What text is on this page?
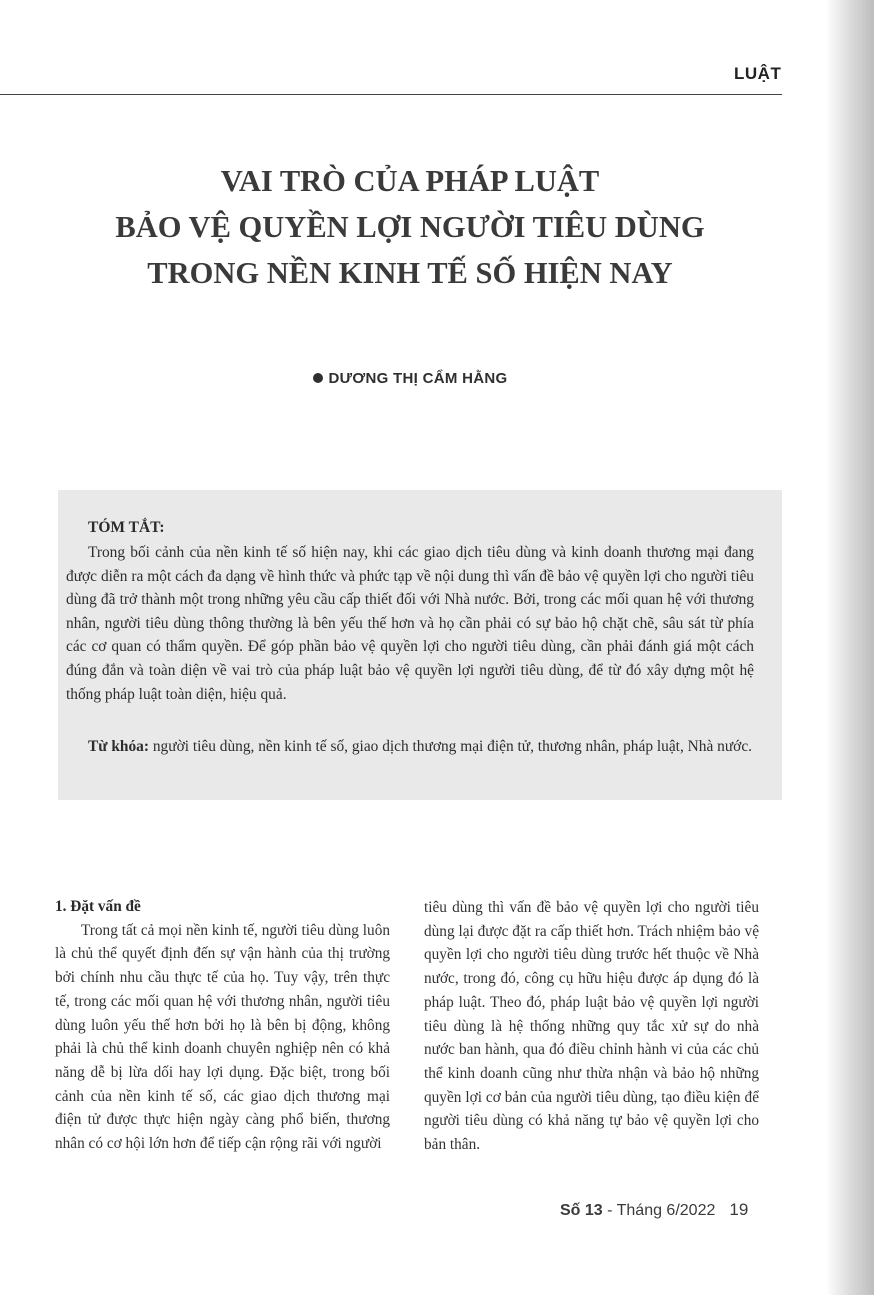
LUẬT
VAI TRÒ CỦA PHÁP LUẬT
BẢO VỆ QUYỀN LỢI NGƯỜI TIÊU DÙNG
TRONG NỀN KINH TẾ SỐ HIỆN NAY
DƯƠNG THỊ CẨM HẰNG
TÓM TẮT:

Trong bối cảnh của nền kinh tế số hiện nay, khi các giao dịch tiêu dùng và kinh doanh thương mại đang được diễn ra một cách đa dạng về hình thức và phức tạp về nội dung thì vấn đề bảo vệ quyền lợi cho người tiêu dùng đã trở thành một trong những yêu cầu cấp thiết đối với Nhà nước. Bởi, trong các mối quan hệ với thương nhân, người tiêu dùng thông thường là bên yếu thế hơn và họ cần phải có sự bảo hộ chặt chẽ, sâu sát từ phía các cơ quan có thẩm quyền. Để góp phần bảo vệ quyền lợi cho người tiêu dùng, cần phải đánh giá một cách đúng đắn và toàn diện về vai trò của pháp luật bảo vệ quyền lợi người tiêu dùng, để từ đó xây dựng một hệ thống pháp luật toàn diện, hiệu quả.

Từ khóa: người tiêu dùng, nền kinh tế số, giao dịch thương mại điện tử, thương nhân, pháp luật, Nhà nước.

1. Đặt vấn đề

Trong tất cả mọi nền kinh tế, người tiêu dùng luôn là chủ thể quyết định đến sự vận hành của thị trường bởi chính nhu cầu thực tế của họ. Tuy vậy, trên thực tế, trong các mối quan hệ với thương nhân, người tiêu dùng luôn yếu thế hơn bởi họ là bên bị động, không phải là chủ thể kinh doanh chuyên nghiệp nên có khả năng dễ bị lừa dối hay lợi dụng. Đặc biệt, trong bối cảnh của nền kinh tế số, các giao dịch thương mại điện tử được thực hiện ngày càng phổ biến, thương nhân có cơ hội lớn hơn để tiếp cận rộng rãi với người

tiêu dùng thì vấn đề bảo vệ quyền lợi cho người tiêu dùng lại được đặt ra cấp thiết hơn. Trách nhiệm bảo vệ quyền lợi cho người tiêu dùng trước hết thuộc về Nhà nước, trong đó, công cụ hữu hiệu được áp dụng đó là pháp luật. Theo đó, pháp luật bảo vệ quyền lợi người tiêu dùng là hệ thống những quy tắc xử sự do nhà nước ban hành, qua đó điều chỉnh hành vi của các chủ thể kinh doanh cũng như thừa nhận và bảo hộ những quyền lợi cơ bản của người tiêu dùng, tạo điều kiện để người tiêu dùng có khả năng tự bảo vệ quyền lợi cho bản thân.

Số 13 - Tháng 6/2022 19
